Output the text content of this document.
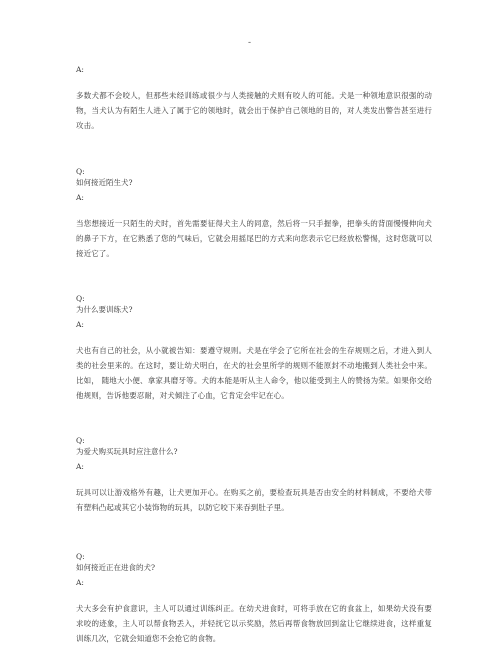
-

A:

多数犬都不会咬人，但那些未经训练或很少与人类接触的犬则有咬人的可能。犬是一种领地意识很强的动物，当犬认为有陌生人进入了属于它的领地时，就会出于保护自己领地的目的，对人类发出警告甚至进行攻击。

Q:

如何接近陌生犬?

A:

当您想接近一只陌生的犬时，首先需要征得犬主人的同意，然后将一只手握拳，把拳头的背面慢慢伸向犬的鼻子下方，在它熟悉了您的气味后，它就会用摇尾巴的方式来向您表示它已经放松警惕，这时您就可以接近它了。

Q:

为什么要训练犬?

A:

犬也有自己的社会，从小就被告知：要遵守规则。犬是在学会了它所在社会的生存规则之后，才进入到人类的社会里来的。在这时，要让幼犬明白，在犬的社会里所学的规则不能原封不动地搬到人类社会中来。比如， 随地大小便、拿家具磨牙等。犬的本能是听从主人命令，他以能受到主人的赞扬为荣。如果你交给他规则，告诉他要忍耐，对犬倾注了心血，它肯定会牢记在心。

Q:

为爱犬购买玩具时应注意什么?

A:

玩具可以让游戏格外有趣，让犬更加开心。在购买之前，要检查玩具是否由安全的材料制成，不要给犬带有塑料凸起或其它小装饰物的玩具，以防它咬下来吞到肚子里。

Q:

如何接近正在进食的犬?

A:

犬大多会有护食意识，主人可以通过训练纠正。在幼犬进食时，可将手放在它的食盆上，如果幼犬没有要求咬的迹象，主人可以帮食物丢入，并轻抚它以示奖励，然后再帮食物放回到盆让它继续进食，这样重复训练几次，它就会知道您不会抢它的食物。
